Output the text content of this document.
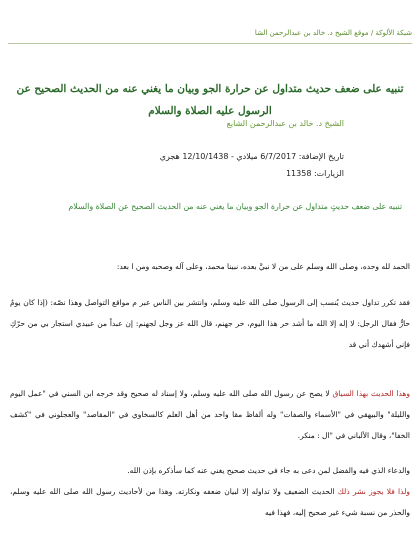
شبكة الألوكة / موقع الشيخ د. خالد بن عبدالرحمن الشا
تنبيه على ضعف حديث متداول عن حرارة الجو وبيان ما يغني عنه من الحديث الصحيح عن الرسول عليه الصلاة والسلام
الشيخ د. خالد بن عبدالرحمن الشايع
تاريخ الإضافة: 6/7/2017 ميلادي - 12/10/1438 هجري
الزيارات: 11358
تنبيه على ضعف حديثٍ متداول عن حرارة الجو وبيان ما يغني عنه من الحديث الصحيح عن الصلاة والسلام
الحمد لله وحده، وصلى الله وسلم على من لا نبيَّ بعده، نبينا محمد، وعلى آله وصحبه ومن ا بعد:
فقد تكرر تداول حديث يُنسب إلى الرسول صلى الله عليه وسلم، وانتشر بين الناس عبر م مواقع التواصل وهذا نصّه: (إذا كان يومٌ حارٌّ فقال الرجل: لا إله إلا الله ما أشد حر هذا اليوم، حر جهنم، قال الله عز وجل لجهنم: إن عبداً من عبيدي استجار بي من حرّكِ فإني أشهدك أني قد
وهذا الحديث بهذا السياق لا يصح عن رسول الله صلى الله عليه وسلم، ولا إسناد له صحيح وقد خرجه ابن السني في "عمل اليوم والليلة" والبيهقي في "الأسماء والصفات" وله ألفاظ مقا واحد من أهل العلم كالسخاوي في "المقاصد" والعجلوني في "كشف الخفا"، وقال الألباني في "ال : منكر.
والدعاء الذي فيه والفضل لمن دعى به جاء في حديث صحيح يغني عنه كما سأذكره بإذن الله.
ولذا فلا يجوز نشر ذلك الحديث الضعيف ولا تداوله إلا لبيان ضعفه ونكارته. وهذا من لأحاديث رسول الله صلى الله عليه وسلم، والحذر من نسبة شيء غير صحيح إليه، فهذا فيه
